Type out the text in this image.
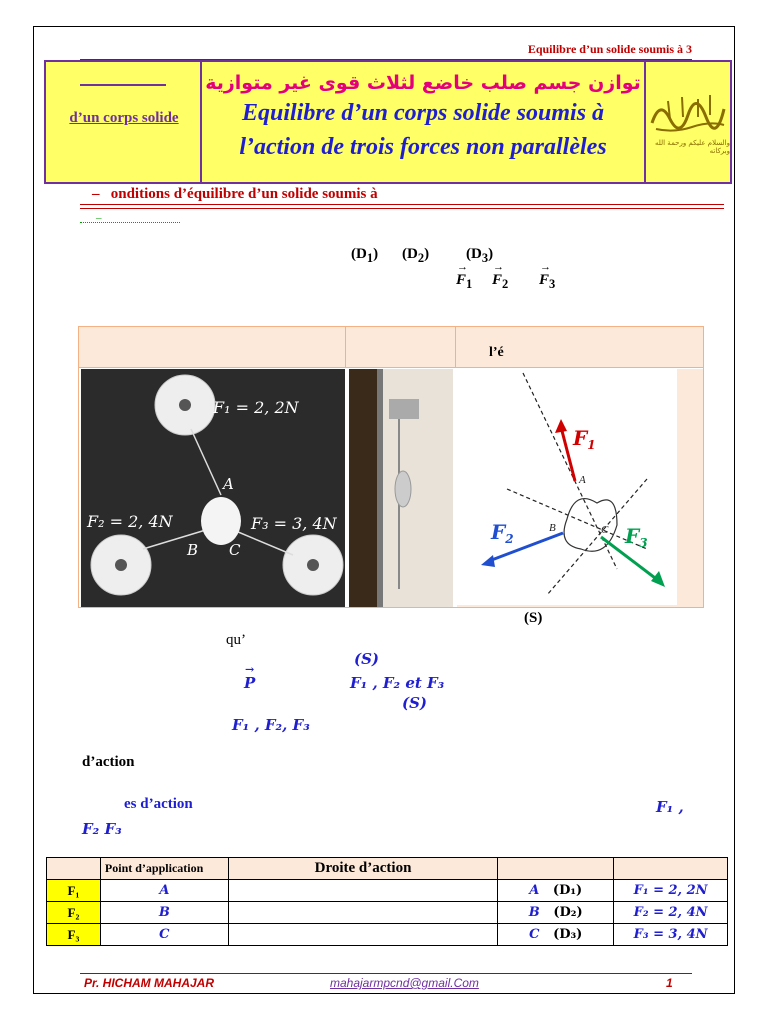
Equilibre d’un solide soumis à 3
d’un corps solide
توازن جسم صلب خاضع لثلاث قوى غير متوازية
Equilibre d’un corps solide soumis à
l’action de trois forces non parallèles	والسلام عليكم ورحمة الله وبركاته
– onditions d’équilibre d’un solide soumis à
_
$(D_1)$ $(D_2)$ $(D_3)$
→ $F_1 \to F_2 \to F_3$
l’é
F₁ = 2, 2N
F₂ = 2, 4N	F₃ = 3, 4N
A
B C
$F_1$
$F_2$	$F_3$
A
B	C
(S)
qu’
(S)
→ P	F₁ , F₂ et F₃
(S)
F₁ , F₂, F₃
d’action
es d’action	F₁ ,
F₂ F₃
	Point d’application	Droite d’action		
F₁	A		A (D₁)	F₁ = 2, 2N
F₂	B		B (D₂)	F₂ = 2, 4N
F₃	C		C (D₃)	F₃ = 3, 4N
Pr. HICHAM MAHAJAR	mahajarmpcnd@gmail.Com	1
